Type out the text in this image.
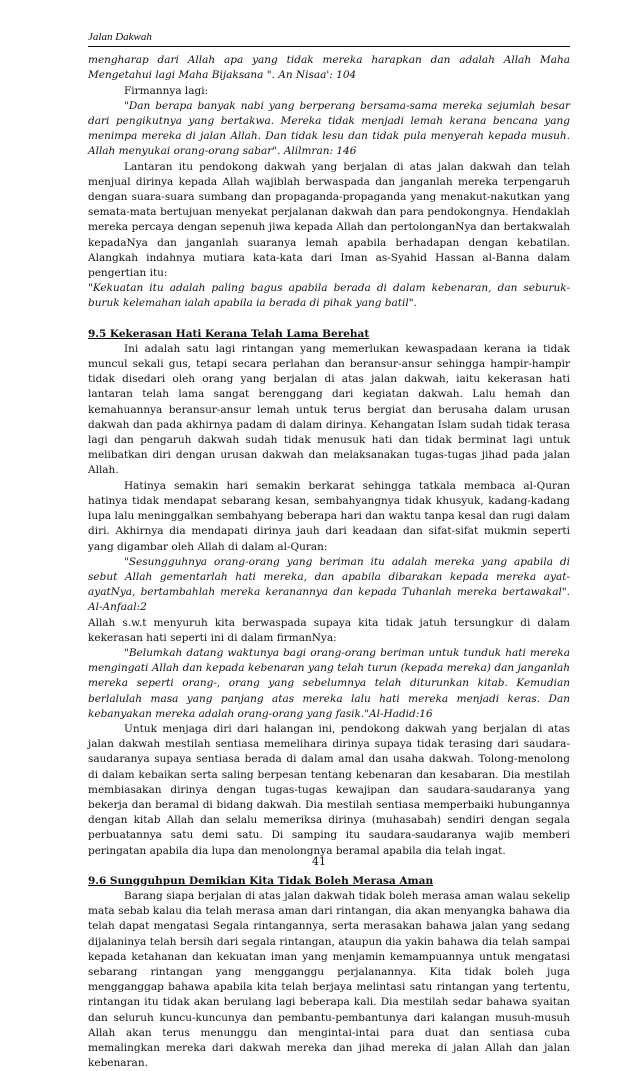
Jalan Dakwah

mengharap dari Allah apa yang tidak mereka harapkan dan adalah Allah Maha Mengetahui lagi Maha Bijaksana ". An Nisaa': 104

Firmannya lagi:

"Dan berapa banyak nabi yang berperang bersama-sama mereka sejumlah besar dari pengikutnya yang bertakwa. Mereka tidak menjadi lemah kerana bencana yang menimpa mereka di jalan Allah. Dan tidak lesu dan tidak pula menyerah kepada musuh. Allah menyukai orang-orang sabar". Alilmran: 146

Lantaran itu pendokong dakwah yang berjalan di atas jalan dakwah dan telah menjual dirinya kepada Allah wajiblah berwaspada dan janganlah mereka terpengaruh dengan suara-suara sumbang dan propaganda-propaganda yang menakut-nakutkan yang semata-mata bertujuan menyekat perjalanan dakwah dan para pendokongnya. Hendaklah mereka percaya dengan sepenuh jiwa kepada Allah dan pertolonganNya dan bertakwalah kepadaNya dan janganlah suaranya lemah apabila berhadapan dengan kebatilan. Alangkah indahnya mutiara kata-kata dari Iman as-Syahid Hassan al-Banna dalam pengertian itu:

"Kekuatan itu adalah paling bagus apabila berada di dalam kebenaran, dan seburuk-buruk kelemahan ialah apabila ia berada di pihak yang batil".

9.5 Kekerasan Hati Kerana Telah Lama Berehat

Ini adalah satu lagi rintangan yang memerlukan kewaspadaan kerana ia tidak muncul sekali gus, tetapi secara perlahan dan beransur-ansur sehingga hampir-hampir tidak disedari oleh orang yang berjalan di atas jalan dakwah, iaitu kekerasan hati lantaran telah lama sangat berenggang dari kegiatan dakwah. Lalu hemah dan kemahuannya beransur-ansur lemah untuk terus bergiat dan berusaha dalam urusan dakwah dan pada akhirnya padam di dalam dirinya. Kehangatan Islam sudah tidak terasa lagi dan pengaruh dakwah sudah tidak menusuk hati dan tidak berminat lagi untuk melibatkan diri dengan urusan dakwah dan melaksanakan tugas-tugas jihad pada jalan Allah.

Hatinya semakin hari semakin berkarat sehingga tatkala membaca al-Quran hatinya tidak mendapat sebarang kesan, sembahyangnya tidak khusyuk, kadang-kadang lupa lalu meninggalkan sembahyang beberapa hari dan waktu tanpa kesal dan rugi dalam diri. Akhirnya dia mendapati dirinya jauh dari keadaan dan sifat-sifat mukmin seperti yang digambar oleh Allah di dalam al-Quran:

"Sesungguhnya orang-orang yang beriman itu adalah mereka yang apabila di sebut Allah gementarlah hati mereka, dan apabila dibarakan kepada mereka ayat-ayatNya, bertambahlah mereka keranannya dan kepada Tuhanlah mereka bertawakal". Al-Anfaal:2

Allah s.w.t menyuruh kita berwaspada supaya kita tidak jatuh tersungkur di dalam kekerasan hati seperti ini di dalam firmanNya:

"Belumkah datang waktunya bagi orang-orang beriman untuk tunduk hati mereka mengingati Allah dan kepada kebenaran yang telah turun (kepada mereka) dan janganlah mereka seperti orang-, orang yang sebelumnya telah diturunkan kitab. Kemudian berlalulah masa yang panjang atas mereka lalu hati mereka menjadi keras. Dan kebanyakan mereka adalah orang-orang yang fasik."Al-Hadid:16

Untuk menjaga diri dari halangan ini, pendokong dakwah yang berjalan di atas jalan dakwah mestilah sentiasa memelihara dirinya supaya tidak terasing dari saudara-saudaranya supaya sentiasa berada di dalam amal dan usaha dakwah. Tolong-menolong di dalam kebaikan serta saling berpesan tentang kebenaran dan kesabaran. Dia mestilah membiasakan dirinya dengan tugas-tugas kewajipan dan saudara-saudaranya yang bekerja dan beramal di bidang dakwah. Dia mestilah sentiasa memperbaiki hubungannya dengan kitab Allah dan selalu memeriksa dirinya (muhasabah) sendiri dengan segala perbuatannya satu demi satu. Di samping itu saudara-saudaranya wajib memberi peringatan apabila dia lupa dan menolongnya beramal apabila dia telah ingat.

9.6 Sungguhpun Demikian Kita Tidak Boleh Merasa Aman

Barang siapa berjalan di atas jalan dakwah tidak boleh merasa aman walau sekelip mata sebab kalau dia telah merasa aman dari rintangan, dia akan menyangka bahawa dia telah dapat mengatasi Segala rintangannya, serta merasakan bahawa jalan yang sedang dijalaninya telah bersih dari segala rintangan, ataupun dia yakin bahawa dia telah sampai kepada ketahanan dan kekuatan iman yang menjamin kemampuannya untuk mengatasi sebarang rintangan yang mengganggu perjalanannya. Kita tidak boleh juga mengganggap bahawa apabila kita telah berjaya melintasi satu rintangan yang tertentu, rintangan itu tidak akan berulang lagi beberapa kali. Dia mestilah sedar bahawa syaitan dan seluruh kuncu-kuncunya dan pembantu-pembantunya dari kalangan musuh-musuh Allah akan terus menunggu dan mengintai-intai para duat dan sentiasa cuba memalingkan mereka dari dakwah mereka dan jihad mereka di jalan Allah dan jalan kebenaran.

41
